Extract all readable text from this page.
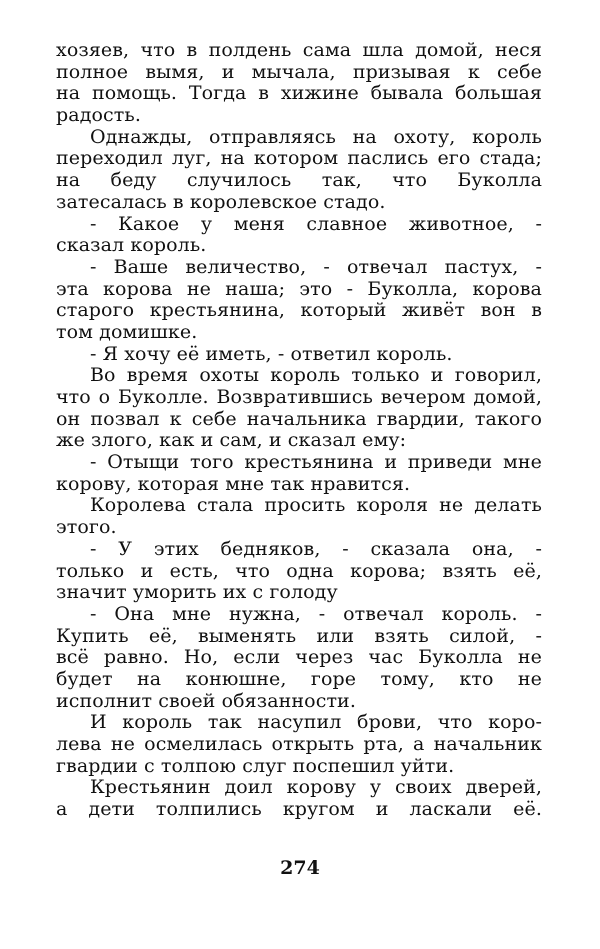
хозяев, что в полдень сама шла домой, неся
полное вымя, и мычала, призывая к себе
на помощь. Тогда в хижине бывала большая
радость.
Однажды, отправляясь на охоту, король
переходил луг, на котором паслись его стада;
на беду случилось так, что Буколла
затесалась в королевское стадо.
- Какое у меня славное животное, -
сказал король.
- Ваше величество, - отвечал пастух, -
эта корова не наша; это - Буколла, корова
старого крестьянина, который живёт вон в
том домишке.
- Я хочу её иметь, - ответил король.
Во время охоты король только и говорил,
что о Буколле. Возвратившись вечером домой,
он позвал к себе начальника гвардии, такого
же злого, как и сам, и сказал ему:
- Отыщи того крестьянина и приведи мне
корову, которая мне так нравится.
Королева стала просить короля не делать
этого.
- У этих бедняков, - сказала она, -
только и есть, что одна корова; взять её,
значит уморить их с голоду
- Она мне нужна, - отвечал король. -
Купить её, выменять или взять силой, -
всё равно. Но, если через час Буколла не
будет на конюшне, горе тому, кто не
исполнит своей обязанности.
И король так насупил брови, что коро-
лева не осмелилась открыть рта, а начальник
гвардии с толпою слуг поспешил уйти.
Крестьянин доил корову у своих дверей,
а дети толпились кругом и ласкали её.
274
